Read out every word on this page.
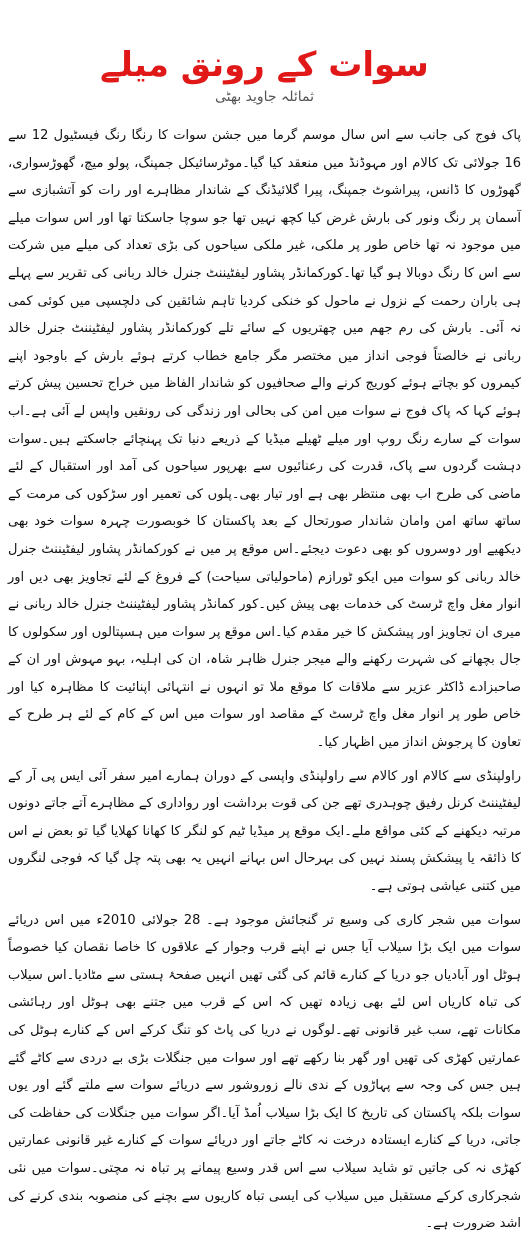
سوات کے رونق میلے
ثمائلہ جاوید بھٹی

پاک فوج کی جانب سے اس سال موسم گرما میں جشن سوات کا رنگا رنگ فیسٹیول 12 سے 16 جولائی تک کالام اور مہوڈنڈ میں منعقد کیا گیا۔موٹرسائیکل جمپنگ، پولو میچ، گھوڑسواری، گھوڑوں کا ڈانس، پیراشوٹ جمپنگ، پیرا گلائیڈنگ کے شاندار مظاہرے اور رات کو آتشبازی سے آسمان پر رنگ ونور کی بارش غرض کیا کچھ نہیں تھا جو سوچا جاسکتا تھا اور اس سوات میلے میں موجود نہ تھا خاص طور پر ملکی، غیر ملکی سیاحوں کی بڑی تعداد کی میلے میں شرکت سے اس کا رنگ دوبالا ہو گیا تھا۔کورکمانڈر پشاور لیفٹیننٹ جنرل خالد ربانی کی تقریر سے پہلے ہی باران رحمت کے نزول نے ماحول کو خنکی کردیا تاہم شائقین کی دلچسپی میں کوئی کمی نہ آئی۔ بارش کی رم جھم میں چھتریوں کے سائے تلے کورکمانڈر پشاور لیفٹیننٹ جنرل خالد ربانی نے خالصتاً فوجی انداز میں مختصر مگر جامع خطاب کرتے ہوئے بارش کے باوجود اپنے کیمروں کو بچاتے ہوئے کوریج کرنے والے صحافیوں کو شاندار الفاظ میں خراج تحسین پیش کرتے ہوئے کہا کہ پاک فوج نے سوات میں امن کی بحالی اور زندگی کی رونقیں واپس لے آئی ہے۔اب سوات کے سارے رنگ روپ اور میلے ٹھیلے میڈیا کے ذریعے دنیا تک پہنچائے جاسکتے ہیں۔سوات دہشت گردوں سے پاک، قدرت کی رعنائیوں سے بھرپور سیاحوں کی آمد اور استقبال کے لئے ماضی کی طرح اب بھی منتظر بھی ہے اور تیار بھی۔پلوں کی تعمیر اور سڑکوں کی مرمت کے ساتھ ساتھ امن وامان شاندار صورتحال کے بعد پاکستان کا خوبصورت چہرہ سوات خود بھی دیکھیے اور دوسروں کو بھی دعوت دیجئے۔اس موقع پر میں نے کورکمانڈر پشاور لیفٹیننٹ جنرل خالد ربانی کو سوات میں ایکو ٹورازم (ماحولیاتی سیاحت) کے فروغ کے لئے تجاویز بھی دیں اور انوار مغل واچ ٹرسٹ کی خدمات بھی پیش کیں۔کور کمانڈر پشاور لیفٹیننٹ جنرل خالد ربانی نے میری ان تجاویز اور پیشکش کا خیر مقدم کیا۔اس موقع پر سوات میں ہسپتالوں اور سکولوں کا جال بچھانے کی شہرت رکھنے والے میجر جنرل ظاہر شاہ، ان کی اہلیہ، بہو مہوش اور ان کے صاحبزادے ڈاکٹر عزیر سے ملاقات کا موقع ملا تو انہوں نے انتہائی اپنائیت کا مظاہرہ کیا اور خاص طور پر انوار مغل واچ ٹرسٹ کے مقاصد اور سوات میں اس کے کام کے لئے ہر طرح کے تعاون کا پرجوش انداز میں اظہار کیا۔

راولپنڈی سے کالام اور کالام سے راولپنڈی واپسی کے دوران ہمارے امیر سفر آئی ایس پی آر کے لیفٹیننٹ کرنل رفیق چوہدری تھے جن کی قوت برداشت اور رواداری کے مظاہرے آتے جاتے دونوں مرتبہ دیکھنے کے کئی مواقع ملے۔ایک موقع پر میڈیا ٹیم کو لنگر کا کھانا کھلایا گیا تو بعض نے اس کا ذائقہ یا پیشکش پسند نہیں کی بہرحال اس بہانے انہیں یہ بھی پتہ چل گیا کہ فوجی لنگروں میں کتنی عیاشی ہوتی ہے۔

سوات میں شجر کاری کی وسیع تر گنجائش موجود ہے۔ 28 جولائی 2010ء میں اس دریائے سوات میں ایک بڑا سیلاب آیا جس نے اپنے قرب وجوار کے علاقوں کا خاصا نقصان کیا خصوصاً ہوٹل اور آبادیاں جو دریا کے کنارے قائم کی گئی تھیں انہیں صفحۂ ہستی سے مٹادیا۔اس سیلاب کی تباہ کاریاں اس لئے بھی زیادہ تھیں کہ اس کے قرب میں جتنے بھی ہوٹل اور رہائشی مکانات تھے، سب غیر قانونی تھے۔لوگوں نے دریا کی پاٹ کو تنگ کرکے اس کے کنارے ہوٹل کی عمارتیں کھڑی کی تھیں اور گھر بنا رکھے تھے اور سوات میں جنگلات بڑی بے دردی سے کاٹے گئے ہیں جس کی وجہ سے پہاڑوں کے ندی نالے زوروشور سے دریائے سوات سے ملتے گئے اور یوں سوات بلکہ پاکستان کی تاریخ کا ایک بڑا سیلاب اُمڈ آیا۔اگر سوات میں جنگلات کی حفاظت کی جاتی، دریا کے کنارے ایستادہ درخت نہ کاٹے جاتے اور دریائے سوات کے کنارے غیر قانونی عمارتیں کھڑی نہ کی جاتیں تو شاید سیلاب سے اس قدر وسیع پیمانے پر تباہ نہ مچتی۔سوات میں نئی شجرکاری کرکے مستقبل میں سیلاب کی ایسی تباہ کاریوں سے بچنے کی منصوبہ بندی کرنے کی اشد ضرورت ہے۔
